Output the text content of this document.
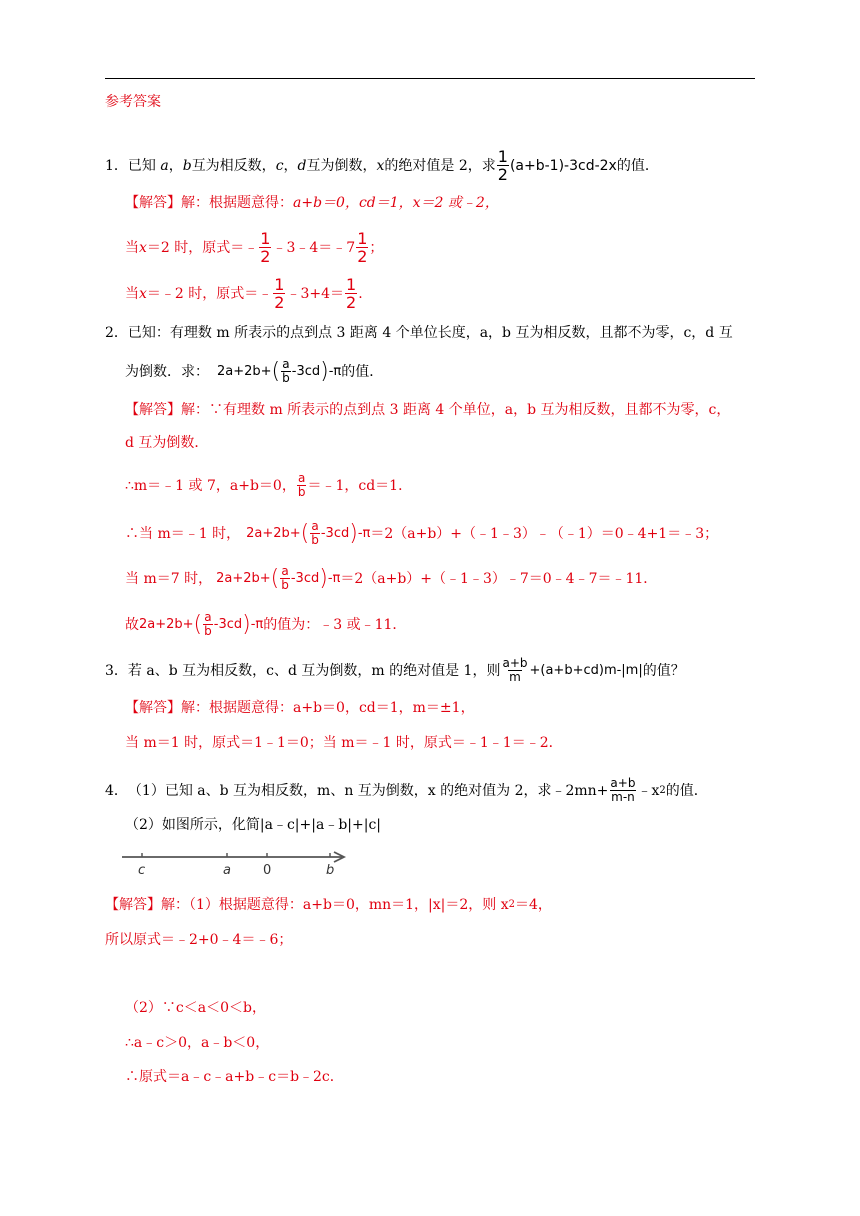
参考答案
1． 已知 a ， b 互为相反数， c ， d 互为倒数， x 的绝对值是 2，求 $\frac{1}{2} (a+b-1)-3cd-2x$ 的值．
【解答】 解：根据题意得： a+b＝0，cd＝1，x＝2 或﹣2，
当 x ＝2 时，原式＝﹣ $\frac{1}{2}$ ﹣3﹣4＝﹣7 $\frac{1}{2}$ ；
当 x ＝﹣2 时，原式＝﹣ $\frac{1}{2}$ ﹣3+4＝ $\frac{1}{2}$ .
2． 已知：有理数 m 所表示的点到点 3 距离 4 个单位长度，a，b 互为相反数，且都不为零，c，d 互
为倒数．求： 2a+2b+ ( $\frac{a}{b} -3cd$ ) -π 的值．
【解答】 解：∵有理数 m 所表示的点到点 3 距离 4 个单位，a，b 互为相反数，且都不为零，c，
d 互为倒数．
∴m＝﹣1 或 7，a+b＝0， $\frac{a}{b}$ ＝﹣1，cd＝1．
∴当 m＝﹣1 时， 2a+2b+ ( $\frac{a}{b} -3cd$ ) -π ＝2（a+b）+（﹣1﹣3）﹣（﹣1）＝0﹣4+1＝﹣3；
当 m＝7 时， 2a+2b+ ( $\frac{a}{b} -3cd$ ) -π ＝2（a+b）+（﹣1﹣3）﹣7＝0﹣4﹣7＝﹣11．
故 2a+2b+ ( $\frac{a}{b} -3cd$ ) -π 的值为：﹣3 或﹣11．
3． 若 a、b 互为相反数，c、d 互为倒数，m 的绝对值是 1，则 $\frac{a+b}{m} +(a+b+cd)m-|m|$ 的值？
【解答】 解：根据题意得：a+b＝0，cd＝1，m＝±1，
当 m＝1 时，原式＝1﹣1＝0；当 m＝﹣1 时，原式＝﹣1﹣1＝﹣2．
4． （1）已知 a、b 互为相反数，m、n 互为倒数，x 的绝对值为 2，求﹣2mn+ $\frac{a+b}{m-n}$ ﹣x 2 的值．
（2）如图所示，化简|a﹣c|+|a﹣b|+|c|
c	a 0	b
【解答】 解：（1）根据题意得：a+b＝0，mn＝1，|x|＝2，则 x 2 ＝4，
所以原式＝﹣2+0﹣4＝﹣6；
（2）∵c＜a＜0＜b，
∴a﹣c＞0，a﹣b＜0，
∴原式＝a﹣c﹣a+b﹣c＝b﹣2c．
